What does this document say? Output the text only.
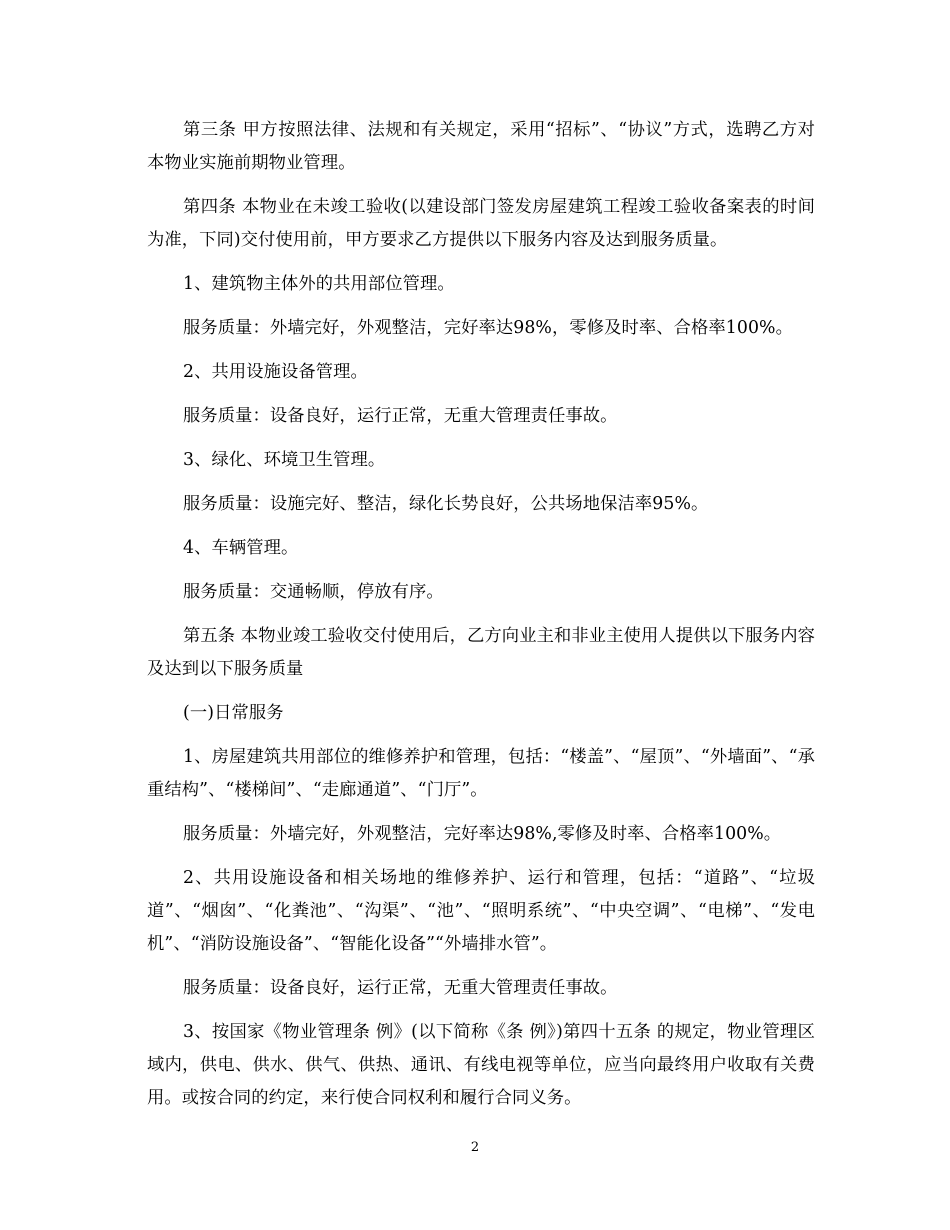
第三条 甲方按照法律、法规和有关规定，采用“招标”、“协议”方式，选聘乙方对本物业实施前期物业管理。

第四条 本物业在未竣工验收(以建设部门签发房屋建筑工程竣工验收备案表的时间为准，下同)交付使用前，甲方要求乙方提供以下服务内容及达到服务质量。

1、建筑物主体外的共用部位管理。

服务质量：外墙完好，外观整洁，完好率达98%，零修及时率、合格率100%。

2、共用设施设备管理。

服务质量：设备良好，运行正常，无重大管理责任事故。

3、绿化、环境卫生管理。

服务质量：设施完好、整洁，绿化长势良好，公共场地保洁率95%。

4、车辆管理。

服务质量：交通畅顺，停放有序。

第五条 本物业竣工验收交付使用后，乙方向业主和非业主使用人提供以下服务内容及达到以下服务质量

(一)日常服务

1、房屋建筑共用部位的维修养护和管理，包括：“楼盖”、“屋顶”、“外墙面”、“承重结构”、“楼梯间”、“走廊通道”、“门厅”。

服务质量：外墙完好，外观整洁，完好率达98%,零修及时率、合格率100%。

2、共用设施设备和相关场地的维修养护、运行和管理，包括：“道路”、“垃圾道”、“烟囱”、“化粪池”、“沟渠”、“池”、“照明系统”、“中央空调”、“电梯”、“发电机”、“消防设施设备”、“智能化设备”“外墙排水管”。

服务质量：设备良好，运行正常，无重大管理责任事故。

3、按国家《物业管理条 例》(以下简称《条 例》)第四十五条 的规定，物业管理区域内，供电、供水、供气、供热、通讯、有线电视等单位，应当向最终用户收取有关费用。或按合同的约定，来行使合同权利和履行合同义务。

2
